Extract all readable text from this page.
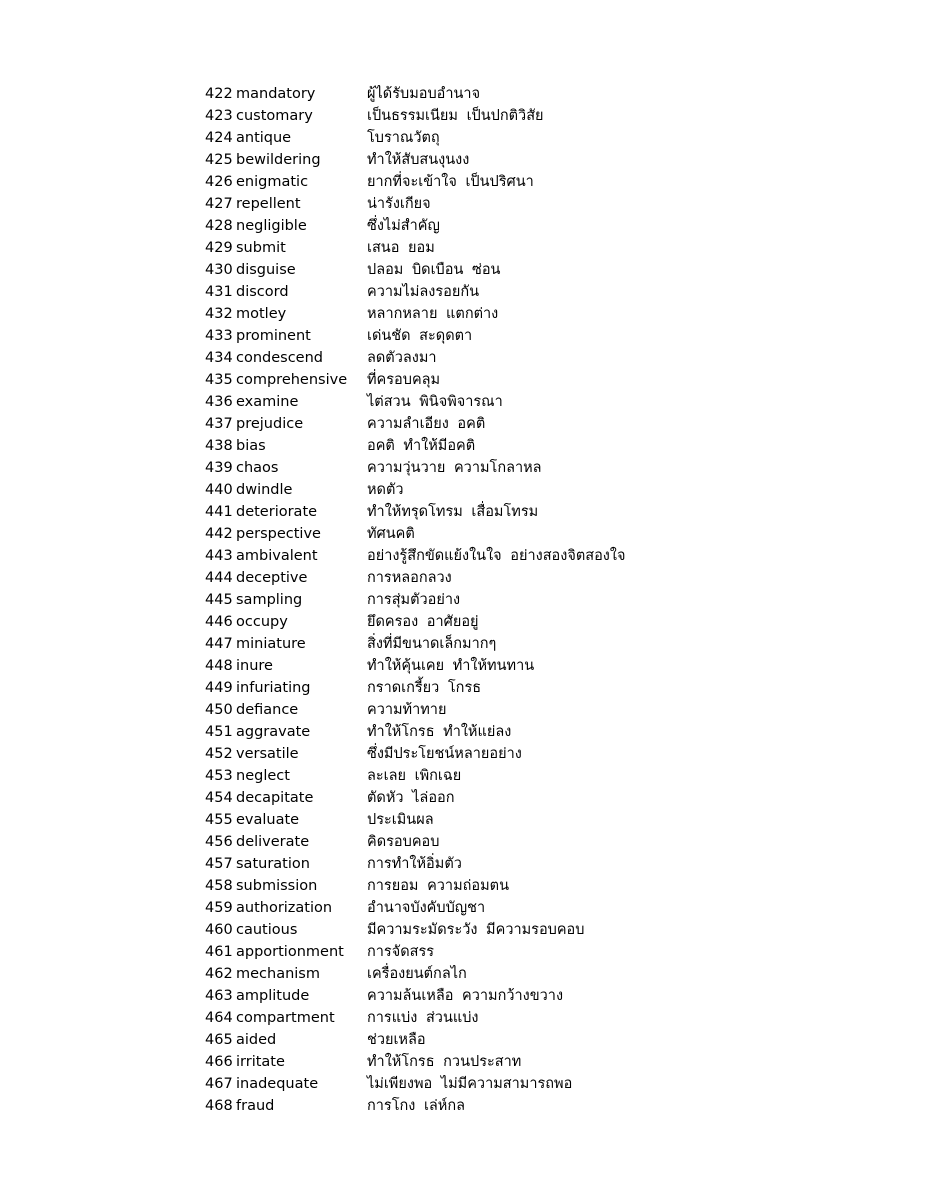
422 mandatory	ผู้ได้รับมอบอำนาจ
423 customary	เป็นธรรมเนียม เป็นปกติวิสัย
424 antique	โบราณวัตถุ
425 bewildering	ทำให้สับสนงุนงง
426 enigmatic	ยากที่จะเข้าใจ เป็นปริศนา
427 repellent	น่ารังเกียจ
428 negligible	ซึ่งไม่สำคัญ
429 submit	เสนอ ยอม
430 disguise	ปลอม บิดเบือน ซ่อน
431 discord	ความไม่ลงรอยกัน
432 motley	หลากหลาย แตกต่าง
433 prominent	เด่นชัด สะดุดตา
434 condescend	ลดตัวลงมา
435 comprehensive	ที่ครอบคลุม
436 examine	ไต่สวน พินิจพิจารณา
437 prejudice	ความลำเอียง อคติ
438 bias	อคติ ทำให้มีอคติ
439 chaos	ความวุ่นวาย ความโกลาหล
440 dwindle	หดตัว
441 deteriorate	ทำให้ทรุดโทรม เสื่อมโทรม
442 perspective	ทัศนคติ
443 ambivalent	อย่างรู้สึกขัดแย้งในใจ อย่างสองจิตสองใจ
444 deceptive	การหลอกลวง
445 sampling	การสุ่มตัวอย่าง
446 occupy	ยึดครอง อาศัยอยู่
447 miniature	สิ่งที่มีขนาดเล็กมากๆ
448 inure	ทำให้คุ้นเคย ทำให้ทนทาน
449 infuriating	กราดเกรี้ยว โกรธ
450 defiance	ความท้าทาย
451 aggravate	ทำให้โกรธ ทำให้แย่ลง
452 versatile	ซึ่งมีประโยชน์หลายอย่าง
453 neglect	ละเลย เพิกเฉย
454 decapitate	ตัดหัว ไล่ออก
455 evaluate	ประเมินผล
456 deliverate	คิดรอบคอบ
457 saturation	การทำให้อิ่มตัว
458 submission	การยอม ความถ่อมตน
459 authorization	อำนาจบังคับบัญชา
460 cautious	มีความระมัดระวัง มีความรอบคอบ
461 apportionment	การจัดสรร
462 mechanism	เครื่องยนต์กลไก
463 amplitude	ความล้นเหลือ ความกว้างขวาง
464 compartment	การแบ่ง ส่วนแบ่ง
465 aided	ช่วยเหลือ
466 irritate	ทำให้โกรธ กวนประสาท
467 inadequate	ไม่เพียงพอ ไม่มีความสามารถพอ
468 fraud	การโกง เล่ห์กล
